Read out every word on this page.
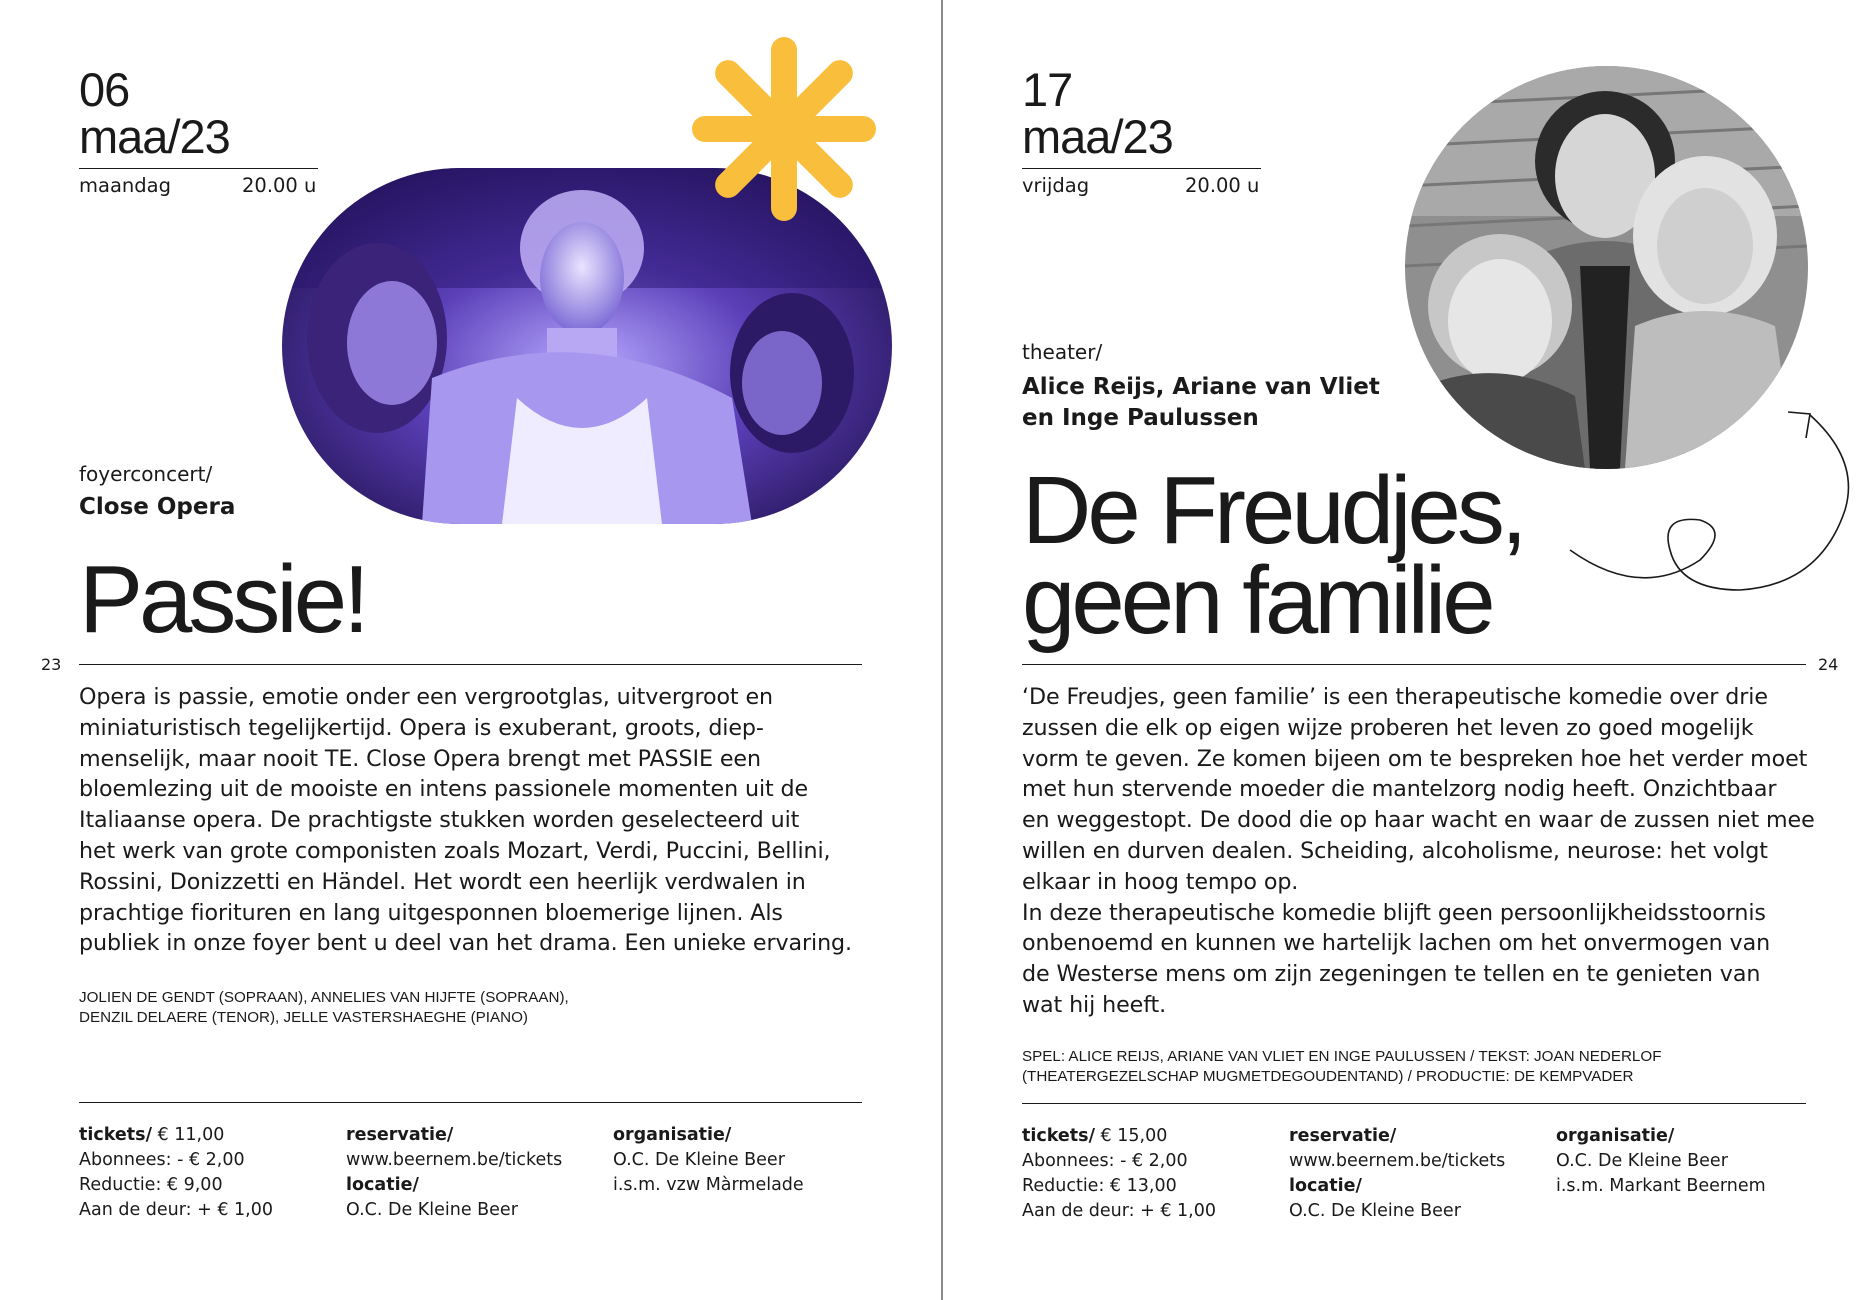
06
maa/23
maandag	20.00 u
foyerconcert/
Close Opera
Passie!
23

Opera is passie, emotie onder een vergrootglas, uitvergroot en

miniaturistisch tegelijkertijd. Opera is exuberant, groots, diep-

menselijk, maar nooit TE. Close Opera brengt met PASSIE een

bloemlezing uit de mooiste en intens passionele momenten uit de

Italiaanse opera. De prachtigste stukken worden geselecteerd uit

het werk van grote componisten zoals Mozart, Verdi, Puccini, Bellini,

Rossini, Donizzetti en Händel. Het wordt een heerlijk verdwalen in

prachtige fiorituren en lang uitgesponnen bloemerige lijnen. Als

publiek in onze foyer bent u deel van het drama. Een unieke ervaring.

JOLIEN DE GENDT (SOPRAAN), ANNELIES VAN HIJFTE (SOPRAAN),
DENZIL DELAERE (TENOR), JELLE VASTERSHAEGHE (PIANO)
tickets/ € 11,00
Abonnees: - € 2,00
Reductie: € 9,00
Aan de deur: + € 1,00
reservatie/
www.beernem.be/tickets
locatie/
O.C. De Kleine Beer
organisatie/
O.C. De Kleine Beer
i.s.m. vzw Màrmelade
17
maa/23
vrijdag	20.00 u
theater/
Alice Reijs, Ariane van Vliet
en Inge Paulussen
De Freudjes,
geen familie
24

‘De Freudjes, geen familie’ is een therapeutische komedie over drie

zussen die elk op eigen wijze proberen het leven zo goed mogelijk

vorm te geven. Ze komen bijeen om te bespreken hoe het verder moet

met hun stervende moeder die mantelzorg nodig heeft. Onzichtbaar

en weggestopt. De dood die op haar wacht en waar de zussen niet mee

willen en durven dealen. Scheiding, alcoholisme, neurose: het volgt

elkaar in hoog tempo op.

In deze therapeutische komedie blijft geen persoonlijkheidsstoornis

onbenoemd en kunnen we hartelijk lachen om het onvermogen van

de Westerse mens om zijn zegeningen te tellen en te genieten van

wat hij heeft.

SPEL: ALICE REIJS, ARIANE VAN VLIET EN INGE PAULUSSEN / TEKST: JOAN NEDERLOF
(THEATERGEZELSCHAP MUGMETDEGOUDENTAND) / PRODUCTIE: DE KEMPVADER
tickets/ € 15,00
Abonnees: - € 2,00
Reductie: € 13,00
Aan de deur: + € 1,00
reservatie/
www.beernem.be/tickets
locatie/
O.C. De Kleine Beer
organisatie/
O.C. De Kleine Beer
i.s.m. Markant Beernem
